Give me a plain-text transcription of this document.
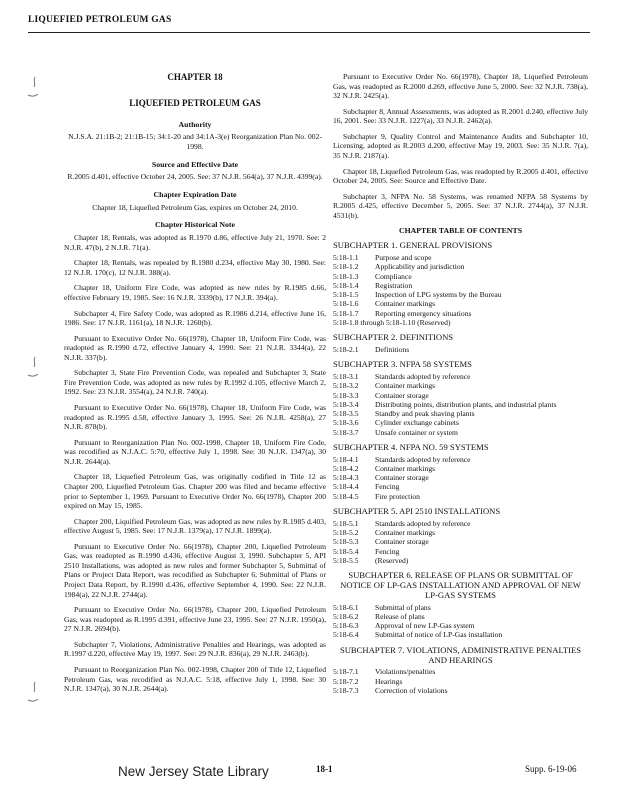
LIQUEFIED PETROLEUM GAS
CHAPTER 18
LIQUEFIED PETROLEUM GAS
Authority

N.J.S.A. 21:1B-2; 21:1B-15; 34:1-20 and 34:1A-3(e) Reorganization Plan No. 002-1998.

Source and Effective Date

R.2005 d.401, effective October 24, 2005. See: 37 N.J.R. 564(a), 37 N.J.R. 4399(a).

Chapter Expiration Date

Chapter 18, Liquefied Petroleum Gas, expires on October 24, 2010.

Chapter Historical Note

Chapter 18, Rentals, was adopted as R.1970 d.86, effective July 21, 1970. See: 2 N.J.R. 47(b), 2 N.J.R. 71(a).

Chapter 18, Rentals, was repealed by R.1980 d.234, effective May 30, 1980. See: 12 N.J.R. 170(c), 12 N.J.R. 388(a).

Chapter 18, Uniform Fire Code, was adopted as new rules by R.1985 d.66, effective February 19, 1985. See: 16 N.J.R. 3339(b), 17 N.J.R. 394(a).

Subchapter 4, Fire Safety Code, was adopted as R.1986 d.214, effective June 16, 1986. See: 17 N.J.R. 1161(a), 18 N.J.R. 1260(b).

Pursuant to Executive Order No. 66(1978), Chapter 18, Uniform Fire Code, was readopted as R.1990 d.72, effective January 4, 1990. See: 21 N.J.R. 3344(a), 22 N.J.R. 337(b).

Subchapter 3, State Fire Prevention Code, was repealed and Subchapter 3, State Fire Prevention Code, was adopted as new rules by R.1992 d.105, effective March 2, 1992. See: 23 N.J.R. 3554(a), 24 N.J.R. 740(a).

Pursuant to Executive Order No. 66(1978), Chapter 18, Uniform Fire Code, was readopted as R.1995 d.58, effective January 3, 1995. See: 26 N.J.R. 4258(a), 27 N.J.R. 878(b).

Pursuant to Reorganization Plan No. 002-1998, Chapter 18, Uniform Fire Code, was recodified as N.J.A.C. 5:70, effective July 1, 1998. See: 30 N.J.R. 1347(a), 30 N.J.R. 2644(a).

Chapter 18, Liquefied Petroleum Gas, was originally codified in Title 12 as Chapter 200, Liquefied Petroleum Gas. Chapter 200 was filed and became effective prior to September 1, 1969. Pursuant to Executive Order No. 66(1978), Chapter 200 expired on May 15, 1985.

Chapter 200, Liquified Petroleum Gas, was adopted as new rules by R.1985 d.403, effective August 5, 1985. See: 17 N.J.R. 1379(a), 17 N.J.R. 1899(a).

Pursuant to Executive Order No. 66(1978), Chapter 200, Liquefied Petroleum Gas, was readopted as R.1990 d.436, effective August 3, 1990. Subchapter 5, API 2510 Installations, was adopted as new rules and former Subchapter 5, Submittal of Plans or Project Data Report, was recodified as Subchapter 6, Submittal of Plans or Project Data Report, by R.1990 d.436, effective September 4, 1990. See: 22 N.J.R. 1984(a), 22 N.J.R. 2744(a).

Pursuant to Executive Order No. 66(1978), Chapter 200, Liquefied Petroleum Gas, was readopted as R.1995 d.391, effective June 23, 1995. See: 27 N.J.R. 1950(a), 27 N.J.R. 2694(b).

Subchapter 7, Violations, Administrative Penalties and Hearings, was adopted as R.1997 d.220, effective May 19, 1997. See: 29 N.J.R. 836(a), 29 N.J.R. 2463(b).

Pursuant to Reorganization Plan No. 002-1998, Chapter 200 of Title 12, Liquefied Petroleum Gas, was recodified as N.J.A.C. 5:18, effective July 1, 1998. See: 30 N.J.R. 1347(a), 30 N.J.R. 2644(a).

Pursuant to Executive Order No. 66(1978), Chapter 18, Liquefied Petroleum Gas, was readopted as R.2000 d.269, effective June 5, 2000. See: 32 N.J.R. 738(a), 32 N.J.R. 2425(a).

Subchapter 8, Annual Assessments, was adopted as R.2001 d.240, effective July 16, 2001. See: 33 N.J.R. 1227(a), 33 N.J.R. 2462(a).

Subchapter 9, Quality Control and Maintenance Audits and Subchapter 10, Licensing, adopted as R.2003 d.200, effective May 19, 2003. See: 35 N.J.R. 7(a), 35 N.J.R. 2187(a).

Chapter 18, Liquefied Petroleum Gas, was readopted by R.2005 d.401, effective October 24, 2005. See: Source and Effective Date.

Subchapter 3, NFPA No. 58 Systems, was renamed NFPA 58 Systems by R.2005 d.425, effective December 5, 2005. See: 37 N.J.R. 2744(a), 37 N.J.R. 4531(b).

CHAPTER TABLE OF CONTENTS
SUBCHAPTER 1. GENERAL PROVISIONS
5:18-1.1	Purpose and scope
5:18-1.2	Applicability and jurisdiction
5:18-1.3	Compliance
5:18-1.4	Registration
5:18-1.5	Inspection of LPG systems by the Bureau
5:18-1.6	Container markings
5:18-1.7	Reporting emergency situations
5:18-1.8 through 5:18-1.10 (Reserved)
SUBCHAPTER 2. DEFINITIONS
5:18-2.1	Definitions
SUBCHAPTER 3. NFPA 58 SYSTEMS
5:18-3.1	Standards adopted by reference
5:18-3.2	Container markings
5:18-3.3	Container storage
5:18-3.4	Distributing points, distribution plants, and industrial plants
5:18-3.5	Standby and peak shaving plants
5:18-3.6	Cylinder exchange cabinets
5:18-3.7	Unsafe container or system
SUBCHAPTER 4. NFPA NO. 59 SYSTEMS
5:18-4.1	Standards adopted by reference
5:18-4.2	Container markings
5:18-4.3	Container storage
5:18-4.4	Fencing
5:18-4.5	Fire protection
SUBCHAPTER 5. API 2510 INSTALLATIONS
5:18-5.1	Standards adopted by reference
5:18-5.2	Container markings
5:18-5.3	Container storage
5:18-5.4	Fencing
5:18-5.5	(Reserved)
SUBCHAPTER 6. RELEASE OF PLANS OR SUBMITTAL OF NOTICE OF LP-GAS INSTALLATION AND APPROVAL OF NEW LP-GAS SYSTEMS
5:18-6.1	Submittal of plans
5:18-6.2	Release of plans
5:18-6.3	Approval of new LP-Gas system
5:18-6.4	Submittal of notice of LP-Gas installation
SUBCHAPTER 7. VIOLATIONS, ADMINISTRATIVE PENALTIES AND HEARINGS
5:18-7.1	Violations/penalties
5:18-7.2	Hearings
5:18-7.3	Correction of violations
New Jersey State Library	18-1	Supp. 6-19-06
